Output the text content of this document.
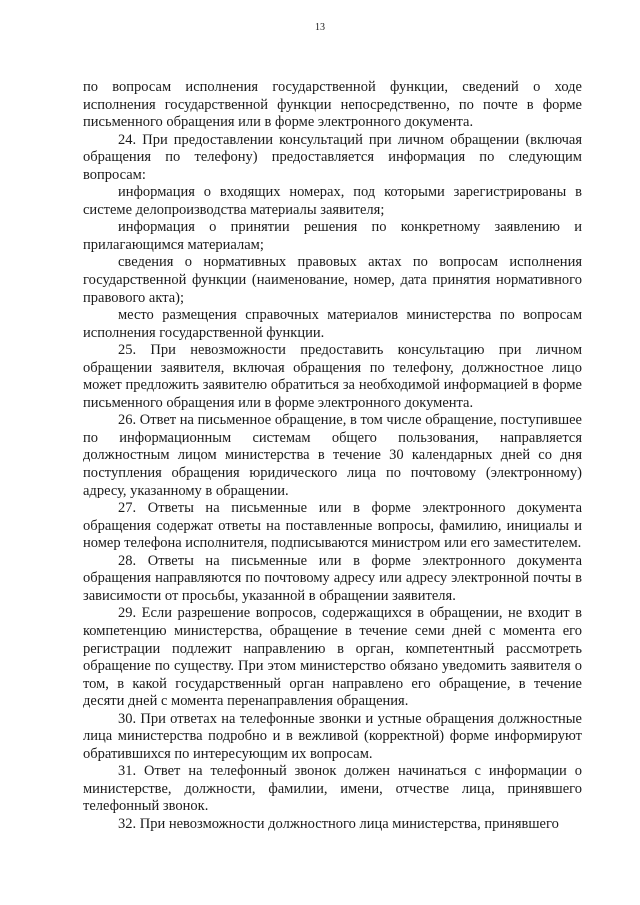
13

по вопросам исполнения государственной функции, сведений о ходе исполнения государственной функции непосредственно, по почте в форме письменного обращения или в форме электронного документа.

24. При предоставлении консультаций при личном обращении (включая обращения по телефону) предоставляется информация по следующим вопросам:

информация о входящих номерах, под которыми зарегистрированы в системе делопроизводства материалы заявителя;

информация о принятии решения по конкретному заявлению и прилагающимся материалам;

сведения о нормативных правовых актах по вопросам исполнения государственной функции (наименование, номер, дата принятия нормативного правового акта);

место размещения справочных материалов министерства по вопросам исполнения государственной функции.

25. При невозможности предоставить консультацию при личном обращении заявителя, включая обращения по телефону, должностное лицо может предложить заявителю обратиться за необходимой информацией в форме письменного обращения или в форме электронного документа.

26. Ответ на письменное обращение, в том числе обращение, поступившее по информационным системам общего пользования, направляется должностным лицом министерства в течение 30 календарных дней со дня поступления обращения юридического лица по почтовому (электронному) адресу, указанному в обращении.

27. Ответы на письменные или в форме электронного документа обращения содержат ответы на поставленные вопросы, фамилию, инициалы и номер телефона исполнителя, подписываются министром или его заместителем.

28. Ответы на письменные или в форме электронного документа обращения направляются по почтовому адресу или адресу электронной почты в зависимости от просьбы, указанной в обращении заявителя.

29. Если разрешение вопросов, содержащихся в обращении, не входит в компетенцию министерства, обращение в течение семи дней с момента его регистрации подлежит направлению в орган, компетентный рассмотреть обращение по существу. При этом министерство обязано уведомить заявителя о том, в какой государственный орган направлено его обращение, в течение десяти дней с момента перенаправления обращения.

30. При ответах на телефонные звонки и устные обращения должностные лица министерства подробно и в вежливой (корректной) форме информируют обратившихся по интересующим их вопросам.

31. Ответ на телефонный звонок должен начинаться с информации о министерстве, должности, фамилии, имени, отчестве лица, принявшего телефонный звонок.

32. При невозможности должностного лица министерства, принявшего
